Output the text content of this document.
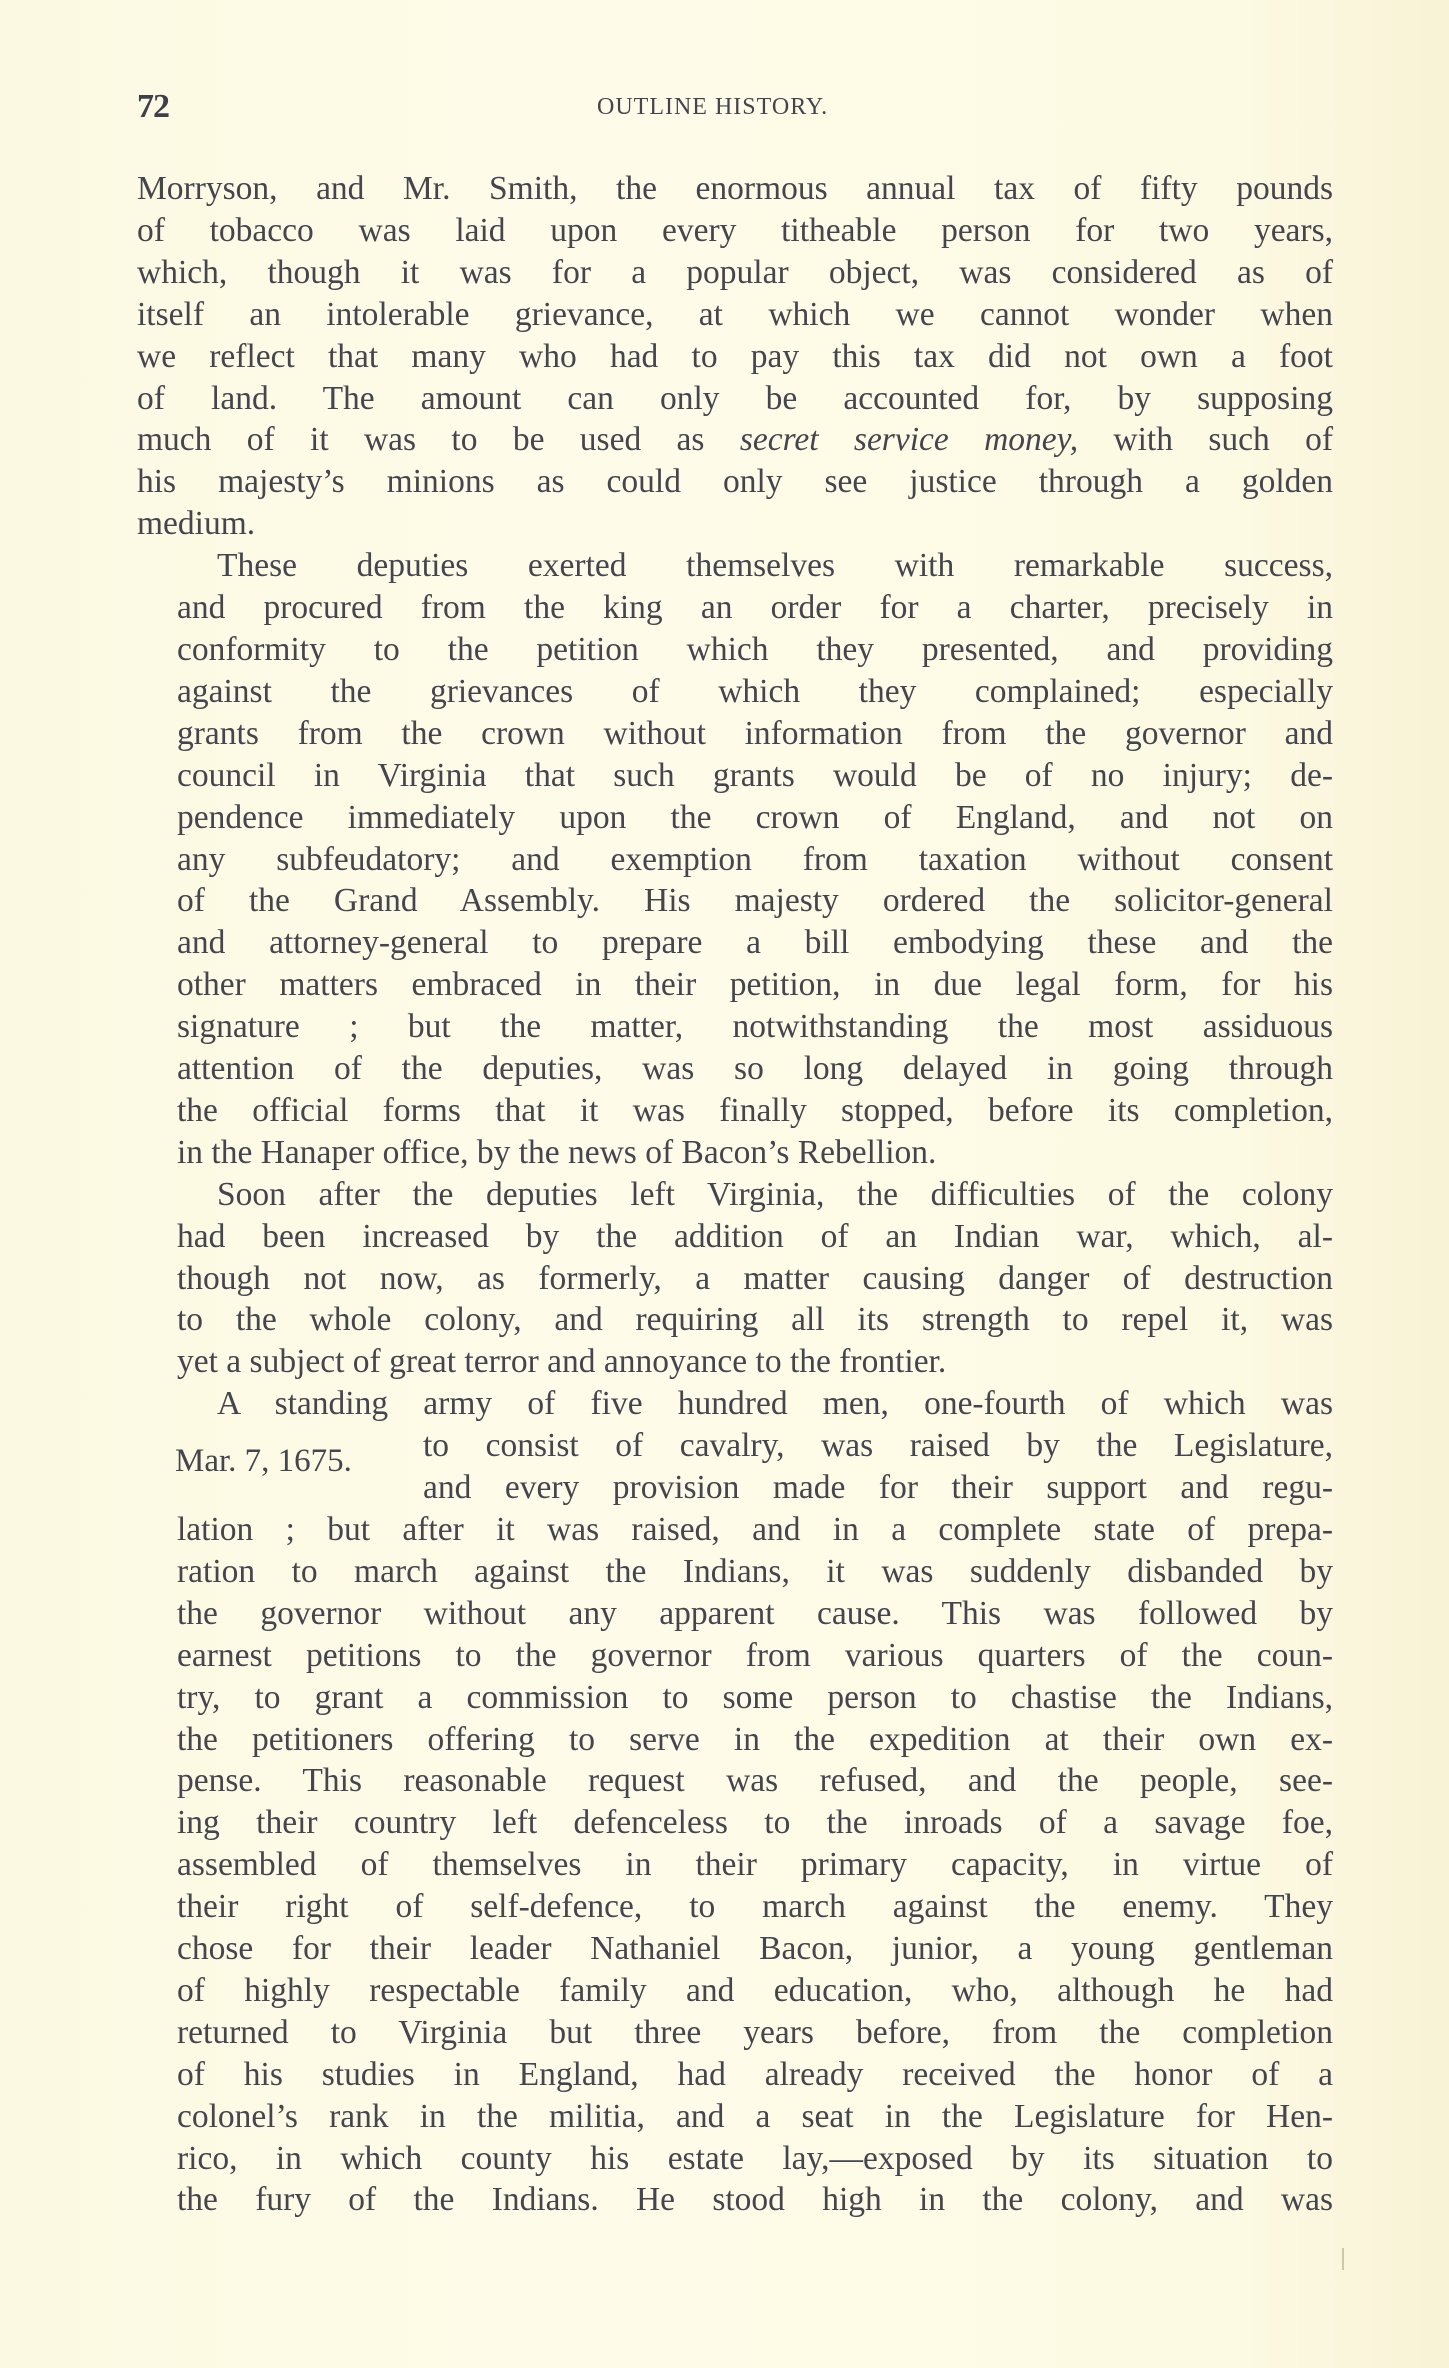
72	OUTLINE HISTORY.
Morryson, and Mr. Smith, the enormous annual tax of fifty pounds
of tobacco was laid upon every titheable person for two years,
which, though it was for a popular object, was considered as of
itself an intolerable grievance, at which we cannot wonder when
we reflect that many who had to pay this tax did not own a foot
of land. The amount can only be accounted for, by supposing
much of it was to be used as secret service money, with such of
his majesty’s minions as could only see justice through a golden
medium.
These deputies exerted themselves with remarkable success,
and procured from the king an order for a charter, precisely in
conformity to the petition which they presented, and providing
against the grievances of which they complained; especially
grants from the crown without information from the governor and
council in Virginia that such grants would be of no injury; de-
pendence immediately upon the crown of England, and not on
any subfeudatory; and exemption from taxation without consent
of the Grand Assembly. His majesty ordered the solicitor-general
and attorney-general to prepare a bill embodying these and the
other matters embraced in their petition, in due legal form, for his
signature ; but the matter, notwithstanding the most assiduous
attention of the deputies, was so long delayed in going through
the official forms that it was finally stopped, before its completion,
in the Hanaper office, by the news of Bacon’s Rebellion.
Soon after the deputies left Virginia, the difficulties of the colony
had been increased by the addition of an Indian war, which, al-
though not now, as formerly, a matter causing danger of destruction
to the whole colony, and requiring all its strength to repel it, was
yet a subject of great terror and annoyance to the frontier.
A standing army of five hundred men, one-fourth of which was
Mar. 7, 1675.	to consist of cavalry, was raised by the Legislature,
and every provision made for their support and regu-
lation ; but after it was raised, and in a complete state of prepa-
ration to march against the Indians, it was suddenly disbanded by
the governor without any apparent cause. This was followed by
earnest petitions to the governor from various quarters of the coun-
try, to grant a commission to some person to chastise the Indians,
the petitioners offering to serve in the expedition at their own ex-
pense. This reasonable request was refused, and the people, see-
ing their country left defenceless to the inroads of a savage foe,
assembled of themselves in their primary capacity, in virtue of
their right of self-defence, to march against the enemy. They
chose for their leader Nathaniel Bacon, junior, a young gentleman
of highly respectable family and education, who, although he had
returned to Virginia but three years before, from the completion
of his studies in England, had already received the honor of a
colonel’s rank in the militia, and a seat in the Legislature for Hen-
rico, in which county his estate lay,—exposed by its situation to
the fury of the Indians. He stood high in the colony, and was
